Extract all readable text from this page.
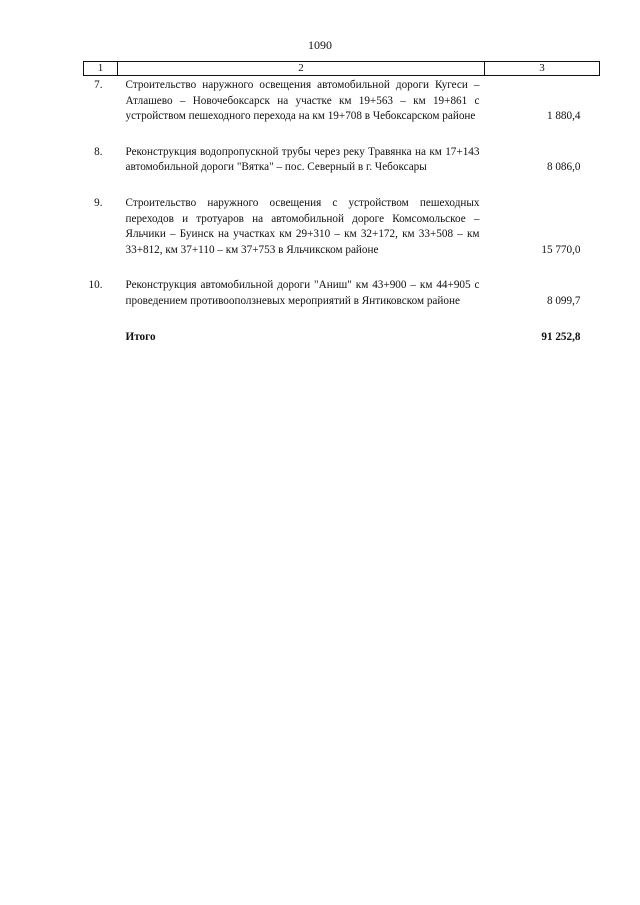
1090
1	2	3
7.	Строительство наружного освещения автомобильной дороги Кугеси – Атлашево – Новочебоксарск на участке км 19+563 – км 19+861 с устройством пешеходного перехода на км 19+708 в Чебоксарском районе	1 880,4
8.	Реконструкция водопропускной трубы через реку Травянка на км 17+143 автомобильной дороги "Вятка" – пос. Северный в г. Чебоксары	8 086,0
9.	Строительство наружного освещения с устройством пешеходных переходов и тротуаров на автомобильной дороге Комсомольское – Яльчики – Буинск на участках км 29+310 – км 32+172, км 33+508 – км 33+812, км 37+110 – км 37+753 в Яльчикском районе	15 770,0
10.	Реконструкция автомобильной дороги "Аниш" км 43+900 – км 44+905 с проведением противооползневых мероприятий в Янтиковском районе	8 099,7
	Итого	91 252,8
